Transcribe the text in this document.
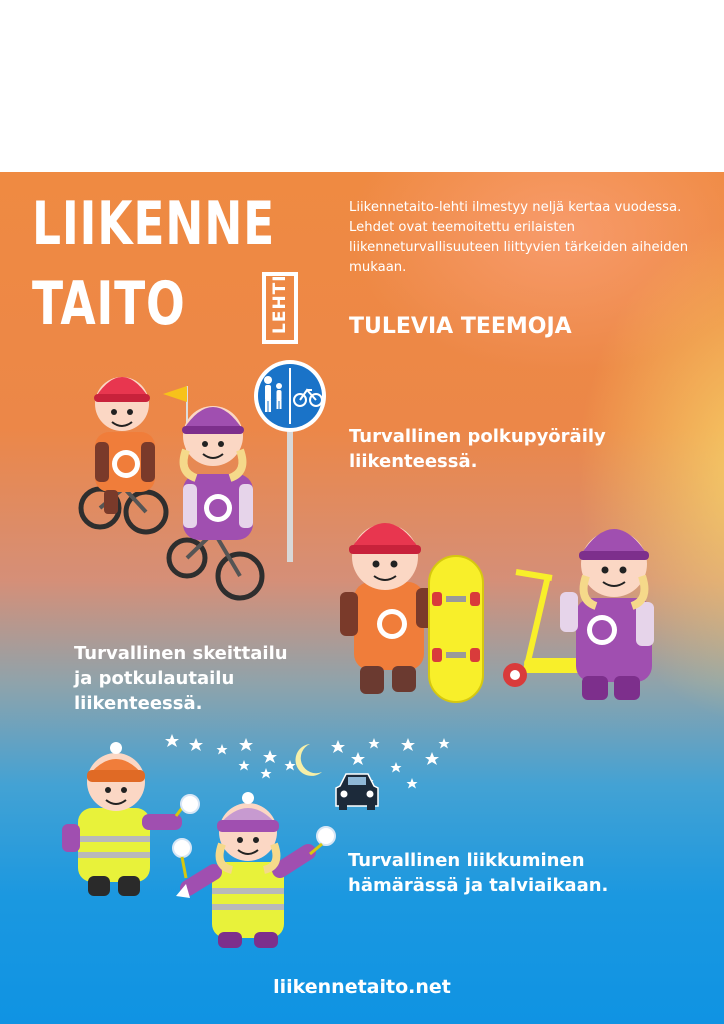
LIIKENNE
TAITO	LEHTI

Liikennetaito-lehti ilmestyy neljä kertaa vuodessa. Lehdet ovat teemoitettu erilaisten liikenneturvallisuuteen liittyvien tärkeiden aiheiden mukaan.

TULEVIA TEEMOJA
Turvallinen polkupyöräily
liikenteessä.
Turvallinen skeittailu
ja potkulautailu
liikenteessä.
Turvallinen liikkuminen
hämärässä ja talviaikaan.
liikennetaito.net
